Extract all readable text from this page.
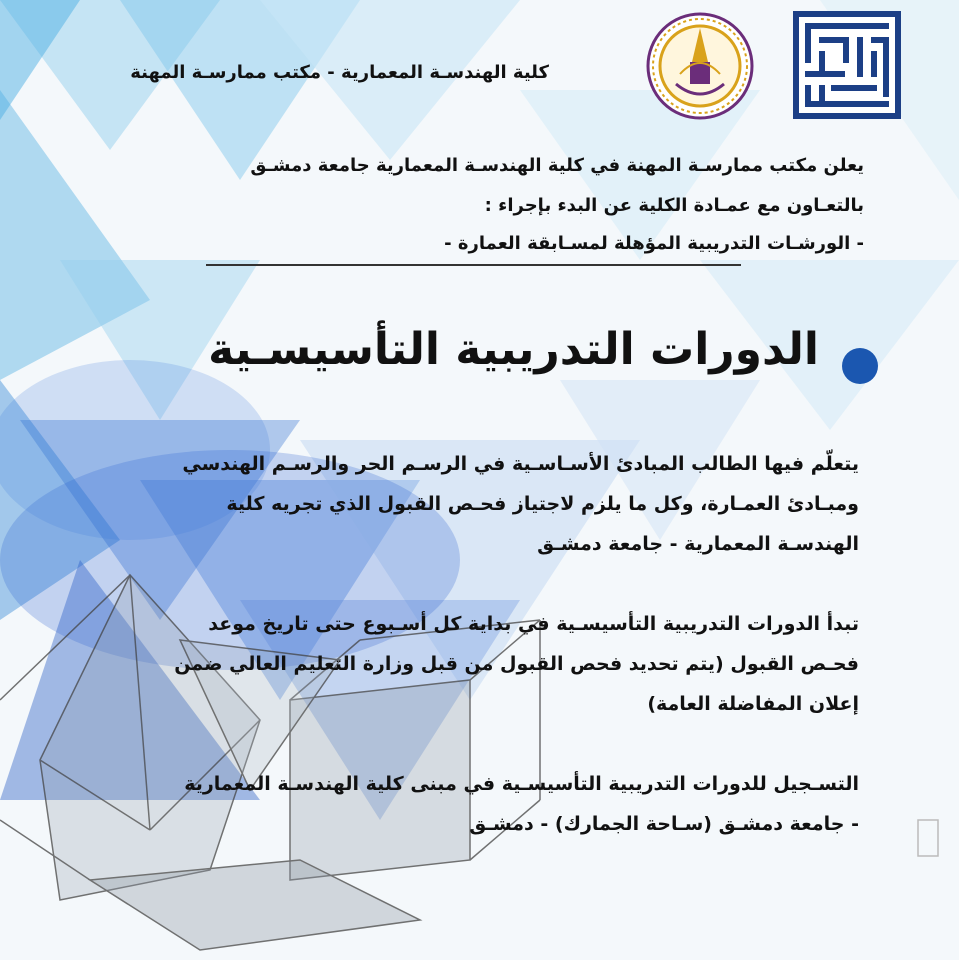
كلية الهندسـة المعمارية - مكتب ممارسـة المهنة
يعلن مكتب ممارسـة المهنة في كلية الهندسـة المعمارية جامعة دمشـق
بالتعـاون مع عمـادة الكلية عن البدء بإجراء :
- الورشـات التدريبية المؤهلة لمسـابقة العمارة -
الدورات التدريبية التأسيسـية
يتعلّم فيها الطالب المبادئ الأسـاسـية في الرسـم الحر والرسـم الهندسي
ومبـادئ العمـارة، وكل ما يلزم لاجتياز فحـص القبول الذي تجريه كلية
الهندسـة المعمارية - جامعة دمشـق
تبدأ الدورات التدريبية التأسيسـية في بداية كل أسـبوع حتى تاريخ موعد
فحـص القبول (يتم تحديد فحص القبول من قبل وزارة التعليم العالي ضمن
إعلان المفاضلة العامة)
التسـجيل للدورات التدريبية التأسيسـية في مبنى كلية الهندسـة المعمارية
- جامعة دمشـق (سـاحة الجمارك) - دمشـق
